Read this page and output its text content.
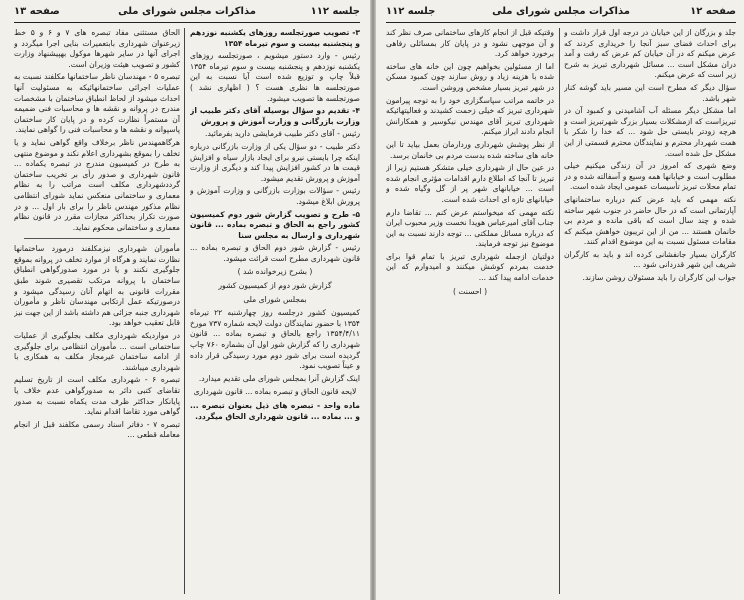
جلسه ۱۱۲
مذاکرات مجلس شورای ملی
صفحه ۱۳

۳- تصویب صورتجلسه روزهای یکشنبه نوزدهم و پنجشنبه بیست و سوم تیرماه ۱۳۵۴

رئیس - وارد دستور میشویم ، صورتجلسه روزهای یکشنبه نوزدهم و پنجشنبه بیست و سوم تیرماه ۱۳۵۴ قبلاً چاپ و توزیع شده است آیا نسبت به این صورتجلسه ها نظری هست ؟ ( اظهاری نشد ) صورتجلسه ها تصویب میشود.

۴- تقدیم دو سؤال بوسیله آقای دکتر طبیب از وزارت بازرگانی و وزارت آموزش و پرورش

رئیس - آقای دکتر طبیب فرمایشی دارید بفرمائید.

دکتر طبیب - دو سؤال یکی از وزارت بازرگانی درباره اینکه چرا بایستی نیرو برای ایجاد بازار سیاه و افزایش قیمت ها در کشور افزایش پیدا کند و دیگری از وزارت آموزش و پرورش تقدیم میشود.

رئیس - سؤالات بوزارت بازرگانی و وزارت آموزش و پرورش ابلاغ میشود.

۵- طرح و تصویب گزارش شور دوم کمیسیون کشور راجع به الحاق و تبصره بماده ... قانون شهرداری و ارسال به مجلس سنا

رئیس - گزارش شور دوم الحاق و تبصره بماده ... قانون شهرداری مطرح است قرائت میشود.

( بشرح زیرخوانده شد )

گزارش شور دوم از کمیسیون کشور

بمجلس شورای ملی

کمیسیون کشور درجلسه روز چهارشنبه ۲۲ تیرماه ۱۳۵۴ با حضور نمایندگان دولت لایحه شماره ۷۳۷ مورخ ۱۳۵۴/۴/۱۱ راجع بالحاق و تبصره بماده ... قانون شهرداری را که گزارش شور اول آن بشماره ۷۶۰ چاپ گردیده است برای شور دوم مورد رسیدگی قرار داده و عیناً تصویب نمود.

اینک گزارش آنرا بمجلس شورای ملی تقدیم میدارد.

لایحه قانون الحاق و تبصره بماده ... قانون شهرداری

ماده واحد - تبصره های ذیل بعنوان تبصره ... و ... بماده ... قانون شهرداری الحاق میگردد.

الحاق مستثنی مفاد تبصره های ۷ و ۶ و ۵ خط زیرعنوان شهرداری بابتعمیرات بنایی اجرا میگردد و اجرای آنها در سایر شهرها موکول بهپیشنهاد وزارت کشور و تصویب هیئت وزیران است.

تبصره ۵ - مهندسان ناظر ساختمانها مکلفند نسبت به عملیات اجرائی ساختمانهائیکه به مسئولیت آنها احداث میشود از لحاظ انطباق ساختمان با مشخصات مندرج در پروانه و نقشه ها و محاسبات فنی ضمیمه آن مستمراً نظارت کرده و در پایان کار ساختمان پاسپوانه و نقشه ها و محاسبات فنی را گواهی نمایند.

هرگاهمهندس ناظر برخلاف واقع گواهی نماید و یا تخلف را بموقع بشهرداری اعلام نکند و موضوع منتهی به طرح در کمیسیون مندرج در تبصره یکماده ... قانون شهرداری و صدور رأی بر تخریب ساختمان گرددشهرداری مکلف است مراتب را به نظام معماری و ساختمانی منعکس نماید شورای انتظامی نظام مذکور مهندس ناظر را برای بار اول ... و در صورت تکرار بحداکثر مجازات مقرر در قانون نظام معماری و ساختمانی محکوم نماید.

مأموران شهرداری نیزمکلفند درمورد ساختمانها نظارت نمایند و هرگاه از موارد تخلف در پروانه بموقع جلوگیری نکنند و یا در مورد صدورگواهی انطباق ساختمان با پروانه مرتکب تقصیری شوند طبق مقررات قانونی به اتهام آنان رسیدگی میشود و درصورتیکه عمل ارتکابی مهندسان ناظر و مأموران شهرداری جنبه جزائی هم داشته باشد از این جهت نیز قابل تعقیب خواهد بود.

در مواردیکه شهرداری مکلف بجلوگیری از عملیات ساختمانی است ... مأموران انتظامی برای جلوگیری از ادامه ساختمان غیرمجاز مکلف به همکاری با شهرداری میباشند.

تبصره ۶ - شهرداری مکلف است از تاریخ تسلیم تقاضای کتبی دائر به صدورگواهی عدم خلاف یا پایانکار حداکثر ظرف مدت یکماه نسبت به صدور گواهی مورد تقاضا اقدام نماید.

تبصره ۷ - دفاتر اسناد رسمی مکلفند قبل از انجام معامله قطعی ...

صفحه ۱۲
مذاکرات مجلس شورای ملی
جلسه ۱۱۲

جلد و بزرگان از این خیابان در درجه اول قرار داشت و برای احداث فضای سبز آنجا را خریداری کردند که عرض میکنم که در آن خیابان کم عرض که رفت و آمد دران مشکل است ... مسائل شهرداری تبریز به شرح زیر است که عرض میکنم.

سؤال دیگر که مطرح است این مسیر باید گوشه کنار شهر باشد.

اما مشکل دیگر مسئله آب آشامیدنی و کمبود آن در تبریزاست که ازمشکلات بسیار بزرگ شهرتبریز است و هرچه زودتر بایستی حل شود ... که خدا را شکر با همت شهردار محترم و نمایندگان محترم قسمتی از این مشکل حل شده است.

وضع شهری که امروز در آن زندگی میکنیم خیلی مطلوب است و خیابانها همه وسیع و آسفالته شده و در تمام محلات تبریز تأسیسات عمومی ایجاد شده است.

نکته مهمی که باید عرض کنم درباره ساختمانهای آپارتمانی است که در حال حاضر در جنوب شهر ساخته شده و چند سال است که باقی مانده و مردم بی خانمان هستند ... من از این تریبون خواهش میکنم که مقامات مسئول نسبت به این موضوع اقدام کنند.

کارگران بسیار جانفشانی کرده اند و باید به کارگران شریف این شهر قدردانی شود ...

جواب این کارگران را باید مسئولان روشن سازند.

وقتیکه قبل از انجام کارهای ساختمانی صرف نظر کند و آن موجهی نشود و در پایان کار بمسائلی رفاهی برخورد خواهد کرد.

اما از مسئولین بخواهیم چون این خانه های ساخته شده با هزینه زیاد و روش سازند چون کمبود مسکن در شهر تبریز بسیار مشخص وروشن است.

در خاتمه مراتب سپاسگزاری خود را به توجه پیرامون شهرداری تبریز که خیلی زحمت کشیدند و فعالیتهائیکه شهرداری تبریز آقای مهندس نیکوسیر و همکارانش انجام دادند ابراز میکنم.

از نظر پوشش شهرداری وردارمان بعمل بیاید تا این خانه های ساخته شده بدست مردم بی خانمان برسد.

در عین حال از شهرداری خیلی متشکر هستیم زیرا از تبریز تا آنجا که اطلاع دارم اقدامات مؤثری انجام شده است ... خیابانهای شهر پر از گل وگیاه شده و خیابانهای تازه ای احداث شده است.

نکته مهمی که میخواستم عرض کنم ... تقاضا دارم جناب آقای امیرعباس هویدا نخست وزیر محبوب ایران که درباره مسائل مملکتی ... توجه دارند نسبت به این موضوع نیز توجه فرمایند.

دولتیان ازجمله شهرداری تبریز با تمام قوا برای خدمت بمردم کوشش میکنند و امیدوارم که این خدمات ادامه پیدا کند ...

( احسنت )
